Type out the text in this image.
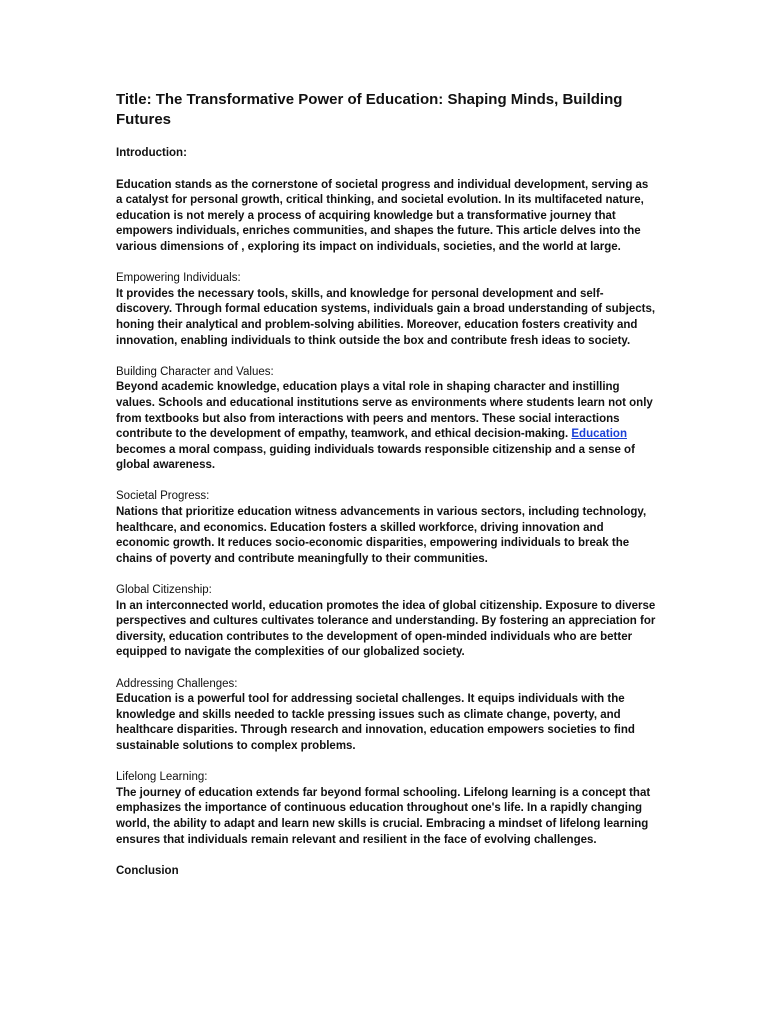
Title: The Transformative Power of Education: Shaping Minds, Building Futures

Introduction:

Education stands as the cornerstone of societal progress and individual development, serving as a catalyst for personal growth, critical thinking, and societal evolution. In its multifaceted nature, education is not merely a process of acquiring knowledge but a transformative journey that empowers individuals, enriches communities, and shapes the future. This article delves into the various dimensions of , exploring its impact on individuals, societies, and the world at large.

Empowering Individuals:

It provides the necessary tools, skills, and knowledge for personal development and self-discovery. Through formal education systems, individuals gain a broad understanding of subjects, honing their analytical and problem-solving abilities. Moreover, education fosters creativity and innovation, enabling individuals to think outside the box and contribute fresh ideas to society.

Building Character and Values:

Beyond academic knowledge, education plays a vital role in shaping character and instilling values. Schools and educational institutions serve as environments where students learn not only from textbooks but also from interactions with peers and mentors. These social interactions contribute to the development of empathy, teamwork, and ethical decision-making. Education becomes a moral compass, guiding individuals towards responsible citizenship and a sense of global awareness.

Societal Progress:

Nations that prioritize education witness advancements in various sectors, including technology, healthcare, and economics. Education fosters a skilled workforce, driving innovation and economic growth. It reduces socio-economic disparities, empowering individuals to break the chains of poverty and contribute meaningfully to their communities.

Global Citizenship:

In an interconnected world, education promotes the idea of global citizenship. Exposure to diverse perspectives and cultures cultivates tolerance and understanding. By fostering an appreciation for diversity, education contributes to the development of open-minded individuals who are better equipped to navigate the complexities of our globalized society.

Addressing Challenges:

Education is a powerful tool for addressing societal challenges. It equips individuals with the knowledge and skills needed to tackle pressing issues such as climate change, poverty, and healthcare disparities. Through research and innovation, education empowers societies to find sustainable solutions to complex problems.

Lifelong Learning:

The journey of education extends far beyond formal schooling. Lifelong learning is a concept that emphasizes the importance of continuous education throughout one's life. In a rapidly changing world, the ability to adapt and learn new skills is crucial. Embracing a mindset of lifelong learning ensures that individuals remain relevant and resilient in the face of evolving challenges.

Conclusion
